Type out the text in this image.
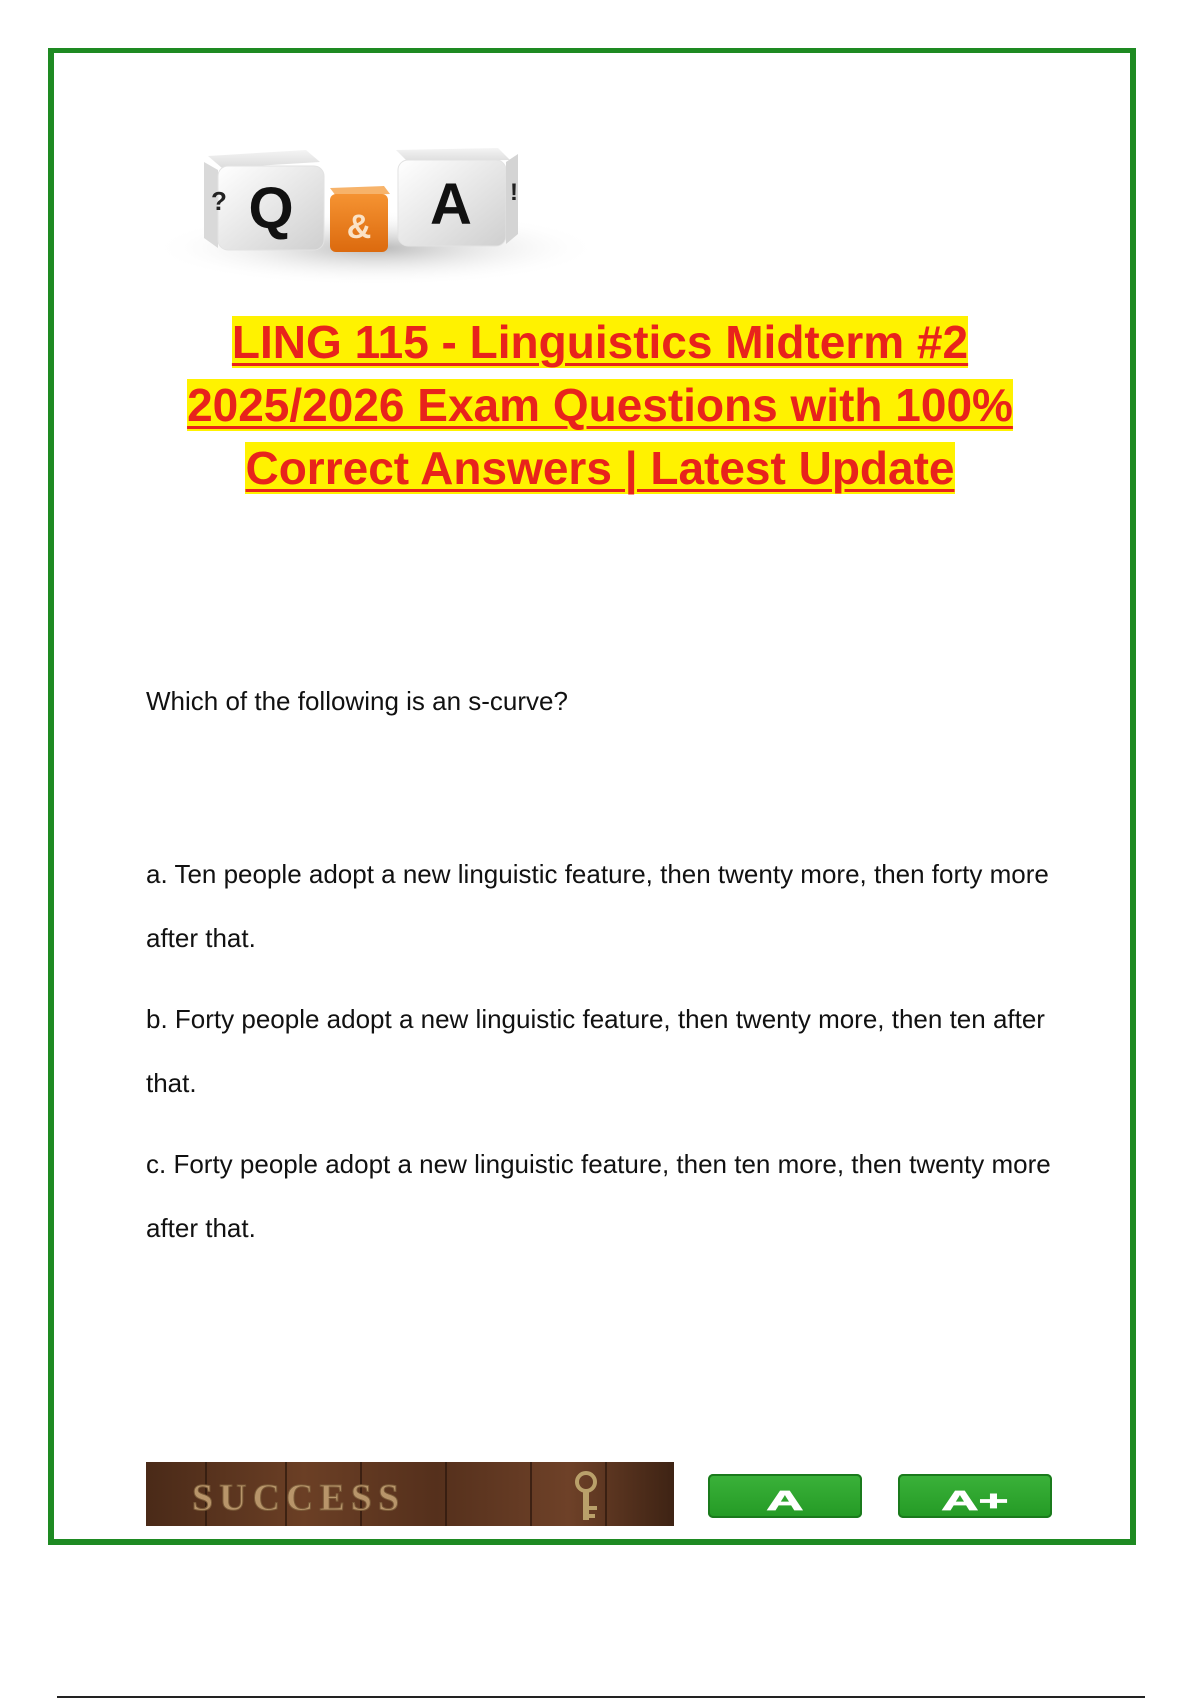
? Q & A !
LING 115 - Linguistics Midterm #2
2025/2026 Exam Questions with 100%
Correct Answers | Latest Update

Which of the following is an s-curve?

a. Ten people adopt a new linguistic feature, then twenty more, then forty more after that.

b. Forty people adopt a new linguistic feature, then twenty more, then ten after that.

c. Forty people adopt a new linguistic feature, then ten more, then twenty more after that.

SUCCESS	A	A+
